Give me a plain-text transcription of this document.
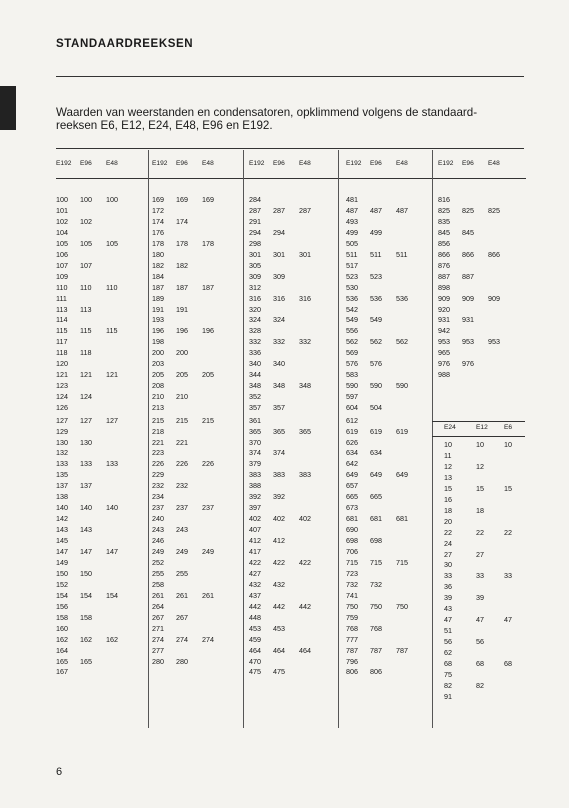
STANDAARDREEKSEN
Waarden van weerstanden en condensatoren, opklimmend volgens de standaard-
reeksen E6, E12, E24, E48, E96 en E192.
E192 E96 E48
100 100 100
101
102 102
104
105 105 105
106
107 107
109
110 110 110
111
113 113
114
115 115 115
117
118 118
120
121 121 121
123
124 124
126
127 127 127
129
130 130
132
133 133 133
135
137 137
138
140 140 140
142
143 143
145
147 147 147
149
150 150
152
154 154 154
156
158 158
160
162 162 162
164
165 165
167
E192 E96 E48
169 169 169
172
174 174
176
178 178 178
180
182 182
184
187 187 187
189
191 191
193
196 196 196
198
200 200
203
205 205 205
208
210 210
213
215 215 215
218
221 221
223
226 226 226
229
232 232
234
237 237 237
240
243 243
246
249 249 249
252
255 255
258
261 261 261
264
267 267
271
274 274 274
277
280 280
E192 E96 E48
284
287 287 287
291
294 294
298
301 301 301
305
309 309
312
316 316 316
320
324 324
328
332 332 332
336
340 340
344
348 348 348
352
357 357
361
365 365 365
370
374 374
379
383 383 383
388
392 392
397
402 402 402
407
412 412
417
422 422 422
427
432 432
437
442 442 442
448
453 453
459
464 464 464
470
475 475
E192 E96 E48
481
487 487 487
493
499 499
505
511 511 511
517
523 523
530
536 536 536
542
549 549
556
562 562 562
569
576 576
583
590 590 590
597
604 504
612
619 619 619
626
634 634
642
649 649 649
657
665 665
673
681 681 681
690
698 698
706
715 715 715
723
732 732
741
750 750 750
759
768 768
777
787 787 787
796
806 806
E192 E96 E48
816
825 825 825
835
845 845
856
866 866 866
876
887 887
898
909 909 909
920
931 931
942
953 953 953
965
976 976
988
E24	E12 E6
10	10	10
11
12	12
13
15	15	15
16
18	18
20
22	22	22
24
27	27
30
33	33	33
36
39	39
43
47	47	47
51
56	56
62
68	68	68
75
82	82
91
6
